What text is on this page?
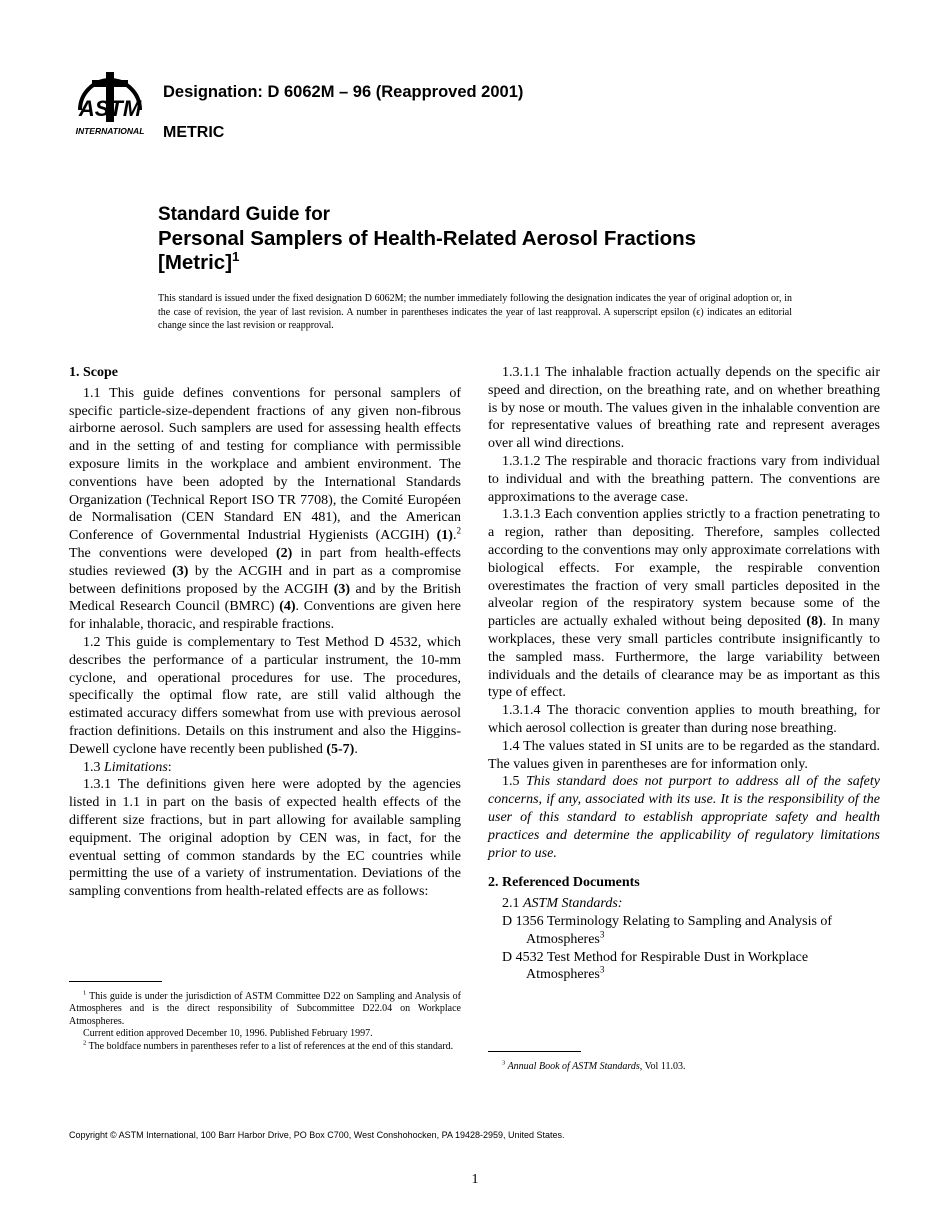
ASTM
INTERNATIONAL
Designation: D 6062M – 96 (Reapproved 2001)
METRIC
Standard Guide for
Personal Samplers of Health-Related Aerosol Fractions
[Metric]$^1$
This standard is issued under the fixed designation D 6062M; the number immediately following the designation indicates the year of original adoption or, in the case of revision, the year of last revision. A number in parentheses indicates the year of last reapproval. A superscript epsilon (ϵ) indicates an editorial change since the last revision or reapproval.
1. Scope

1.1 This guide defines conventions for personal samplers of specific particle-size-dependent fractions of any given non-fibrous airborne aerosol. Such samplers are used for assessing health effects and in the setting of and testing for compliance with permissible exposure limits in the workplace and ambient environment. The conventions have been adopted by the International Standards Organization (Technical Report ISO TR 7708), the Comité Européen de Normalisation (CEN Standard EN 481), and the American Conference of Governmental Industrial Hygienists (ACGIH) (1).$^2$ The conventions were developed (2) in part from health-effects studies reviewed (3) by the ACGIH and in part as a compromise between definitions proposed by the ACGIH (3) and by the British Medical Research Council (BMRC) (4). Conventions are given here for inhalable, thoracic, and respirable fractions.

1.2 This guide is complementary to Test Method D 4532, which describes the performance of a particular instrument, the 10-mm cyclone, and operational procedures for use. The procedures, specifically the optimal flow rate, are still valid although the estimated accuracy differs somewhat from use with previous aerosol fraction definitions. Details on this instrument and also the Higgins-Dewell cyclone have recently been published (5-7).

1.3 Limitations:

1.3.1 The definitions given here were adopted by the agencies listed in 1.1 in part on the basis of expected health effects of the different size fractions, but in part allowing for available sampling equipment. The original adoption by CEN was, in fact, for the eventual setting of common standards by the EC countries while permitting the use of a variety of instrumentation. Deviations of the sampling conventions from health-related effects are as follows:

$^1$ This guide is under the jurisdiction of ASTM Committee D22 on Sampling and Analysis of Atmospheres and is the direct responsibility of Subcommittee D22.04 on Workplace Atmospheres.

Current edition approved December 10, 1996. Published February 1997.

$^2$ The boldface numbers in parentheses refer to a list of references at the end of this standard.

1.3.1.1 The inhalable fraction actually depends on the specific air speed and direction, on the breathing rate, and on whether breathing is by nose or mouth. The values given in the inhalable convention are for representative values of breathing rate and represent averages over all wind directions.

1.3.1.2 The respirable and thoracic fractions vary from individual to individual and with the breathing pattern. The conventions are approximations to the average case.

1.3.1.3 Each convention applies strictly to a fraction penetrating to a region, rather than depositing. Therefore, samples collected according to the conventions may only approximate correlations with biological effects. For example, the respirable convention overestimates the fraction of very small particles deposited in the alveolar region of the respiratory system because some of the particles are actually exhaled without being deposited (8). In many workplaces, these very small particles contribute insignificantly to the sampled mass. Furthermore, the large variability between individuals and the details of clearance may be as important as this type of effect.

1.3.1.4 The thoracic convention applies to mouth breathing, for which aerosol collection is greater than during nose breathing.

1.4 The values stated in SI units are to be regarded as the standard. The values given in parentheses are for information only.

1.5 This standard does not purport to address all of the safety concerns, if any, associated with its use. It is the responsibility of the user of this standard to establish appropriate safety and health practices and determine the applicability of regulatory limitations prior to use.

2. Referenced Documents

2.1 ASTM Standards:

D 1356 Terminology Relating to Sampling and Analysis of
Atmospheres$^3$
D 4532 Test Method for Respirable Dust in Workplace
Atmospheres$^3$

$^3$ Annual Book of ASTM Standards, Vol 11.03.

Copyright © ASTM International, 100 Barr Harbor Drive, PO Box C700, West Conshohocken, PA 19428-2959, United States.
1
